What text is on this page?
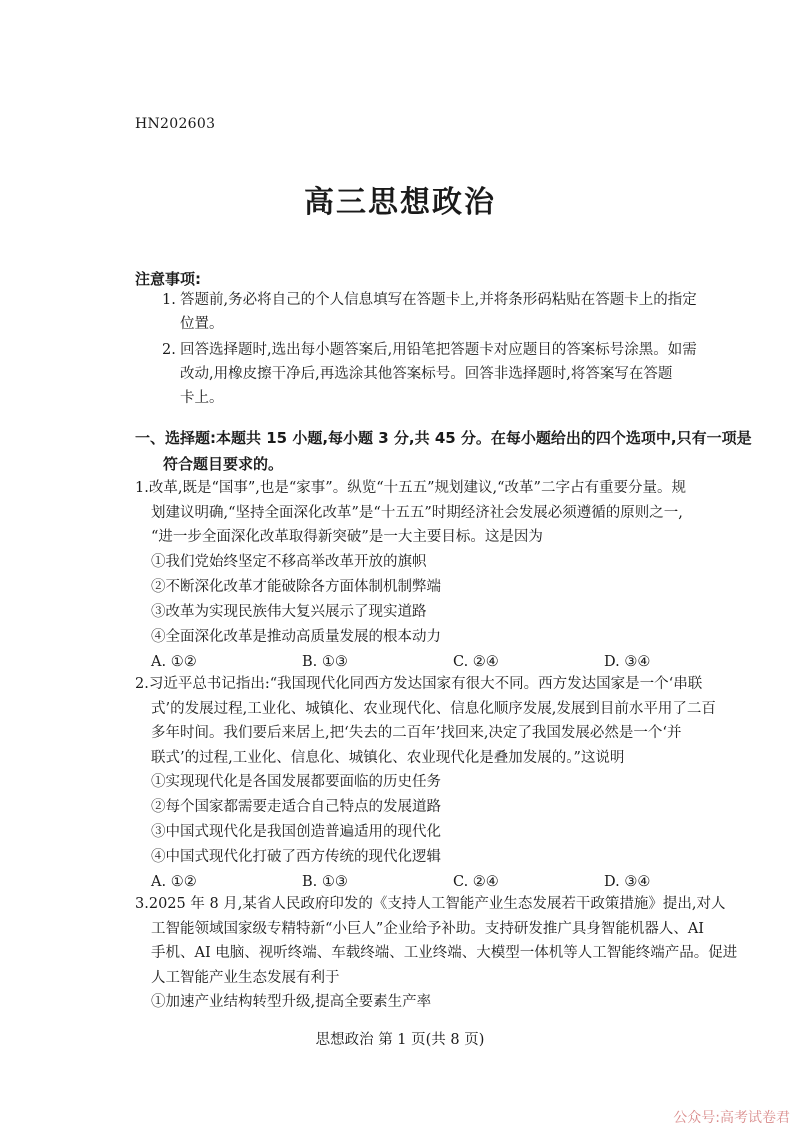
HN202603
高三思想政治
注意事项:
1. 答题前,务必将自己的个人信息填写在答题卡上,并将条形码粘贴在答题卡上的指定
位置。
2. 回答选择题时,选出每小题答案后,用铅笔把答题卡对应题目的答案标号涂黑。如需
改动,用橡皮擦干净后,再选涂其他答案标号。回答非选择题时,将答案写在答题
卡上。
一、选择题:本题共 15 小题,每小题 3 分,共 45 分。在每小题给出的四个选项中,只有一项是
符合题目要求的。
1.改革,既是“国事”,也是“家事”。纵览“十五五”规划建议,“改革”二字占有重要分量。规
划建议明确,“坚持全面深化改革”是“十五五”时期经济社会发展必须遵循的原则之一,
“进一步全面深化改革取得新突破”是一大主要目标。这是因为
①我们党始终坚定不移高举改革开放的旗帜
②不断深化改革才能破除各方面体制机制弊端
③改革为实现民族伟大复兴展示了现实道路
④全面深化改革是推动高质量发展的根本动力
A. ①②	B. ①③	C. ②④	D. ③④
2.习近平总书记指出:“我国现代化同西方发达国家有很大不同。西方发达国家是一个‘串联
式’的发展过程,工业化、城镇化、农业现代化、信息化顺序发展,发展到目前水平用了二百
多年时间。我们要后来居上,把‘失去的二百年’找回来,决定了我国发展必然是一个‘并
联式’的过程,工业化、信息化、城镇化、农业现代化是叠加发展的。”这说明
①实现现代化是各国发展都要面临的历史任务
②每个国家都需要走适合自己特点的发展道路
③中国式现代化是我国创造普遍适用的现代化
④中国式现代化打破了西方传统的现代化逻辑
A. ①②	B. ①③	C. ②④	D. ③④
3.2025 年 8 月,某省人民政府印发的《支持人工智能产业生态发展若干政策措施》提出,对人
工智能领域国家级专精特新“小巨人”企业给予补助。支持研发推广具身智能机器人、AI
手机、AI 电脑、视听终端、车载终端、工业终端、大模型一体机等人工智能终端产品。促进
人工智能产业生态发展有利于
①加速产业结构转型升级,提高全要素生产率
思想政治 第 1 页(共 8 页)
公众号:高考试卷君
